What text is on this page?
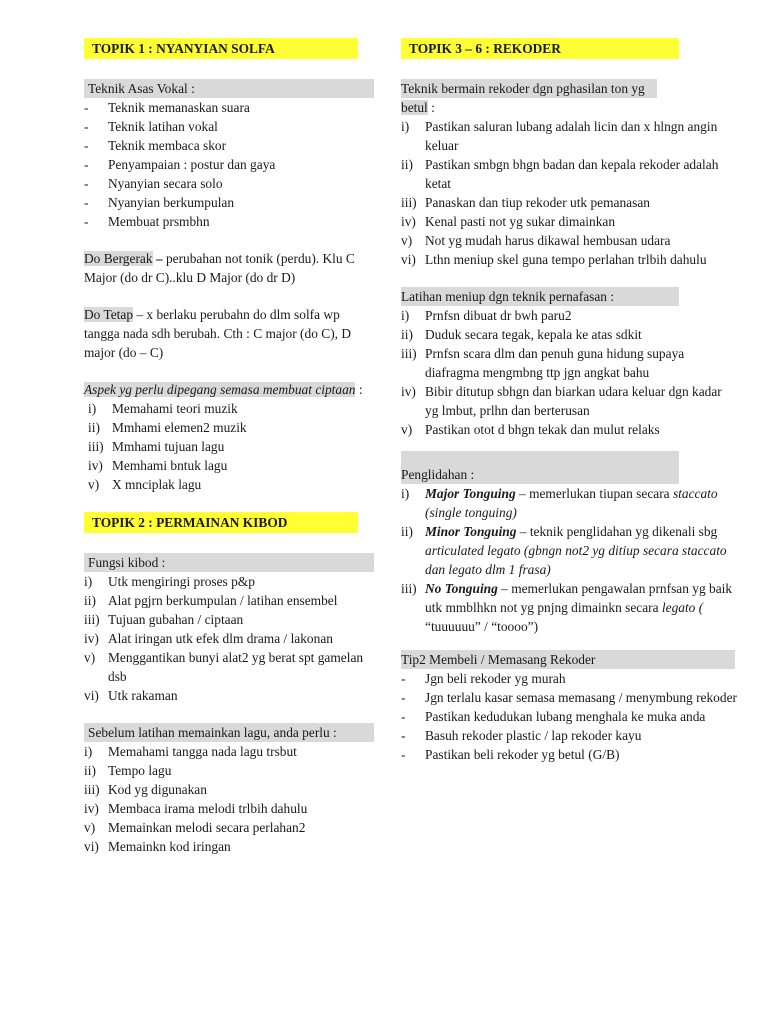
TOPIK 1 : NYANYIAN SOLFA
Teknik Asas Vokal :
-	Teknik memanaskan suara
-	Teknik latihan vokal
-	Teknik membaca skor
-	Penyampaian : postur dan gaya
-	Nyanyian secara solo
-	Nyanyian berkumpulan
-	Membuat prsmbhn

Do Bergerak – perubahan not tonik (perdu). Klu C Major (do dr C)..klu D Major (do dr D)

Do Tetap – x berlaku perubahn do dlm solfa wp tangga nada sdh berubah. Cth : C major (do C), D major (do – C)

Aspek yg perlu dipegang semasa membuat ciptaan :

i)	Memahami teori muzik
ii) Mmhami elemen2 muzik
iii) Mmhami tujuan lagu
iv) Memhami bntuk lagu
v) X mnciplak lagu
TOPIK 2 : PERMAINAN KIBOD
Fungsi kibod :
i)	Utk mengiringi proses p&p
ii) Alat pgjrn berkumpulan / latihan ensembel
iii) Tujuan gubahan / ciptaan
iv) Alat iringan utk efek dlm drama / lakonan
v) Menggantikan bunyi alat2 yg berat spt gamelan dsb
vi) Utk rakaman
Sebelum latihan memainkan lagu, anda perlu :
i)	Memahami tangga nada lagu trsbut
ii) Tempo lagu
iii) Kod yg digunakan
iv) Membaca irama melodi trlbih dahulu
v) Memainkan melodi secara perlahan2
vi) Memainkn kod iringan
TOPIK 3 – 6 : REKODER
Teknik bermain rekoder dgn pghasilan ton yg

betul :

i)	Pastikan saluran lubang adalah licin dan x hlngn angin keluar
ii) Pastikan smbgn bhgn badan dan kepala rekoder adalah ketat
iii) Panaskan dan tiup rekoder utk pemanasan
iv) Kenal pasti not yg sukar dimainkan
v) Not yg mudah harus dikawal hembusan udara
vi) Lthn meniup skel guna tempo perlahan trlbih dahulu
Latihan meniup dgn teknik pernafasan :
i)	Prnfsn dibuat dr bwh paru2
ii) Duduk secara tegak, kepala ke atas sdkit
iii) Prnfsn scara dlm dan penuh guna hidung supaya diafragma mengmbng ttp jgn angkat bahu
iv) Bibir ditutup sbhgn dan biarkan udara keluar dgn kadar yg lmbut, prlhn dan berterusan
v) Pastikan otot d bhgn tekak dan mulut relaks
Penglidahan :
i)	Major Tonguing – memerlukan tiupan secara staccato (single tonguing)
ii) Minor Tonguing – teknik penglidahan yg dikenali sbg articulated legato (gbngn not2 yg ditiup secara staccato dan legato dlm 1 frasa)
iii) No Tonguing – memerlukan pengawalan prnfsan yg baik utk mmblhkn not yg pnjng dimainkn secara legato ( “tuuuuuu” / “toooo”)
Tip2 Membeli / Memasang Rekoder
-	Jgn beli rekoder yg murah
-	Jgn terlalu kasar semasa memasang / menymbung rekoder
-	Pastikan kedudukan lubang menghala ke muka anda
-	Basuh rekoder plastic / lap rekoder kayu
-	Pastikan beli rekoder yg betul (G/B)
